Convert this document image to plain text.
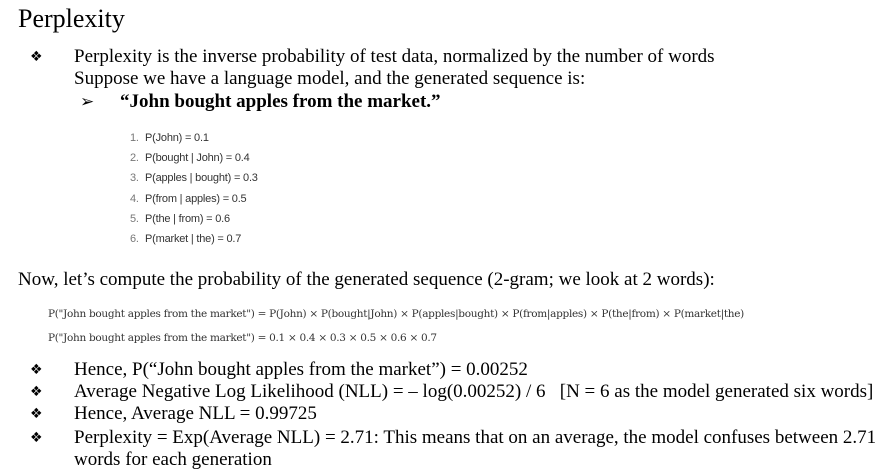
Perplexity
❖ Perplexity is the inverse probability of test data, normalized by the number of words
Suppose we have a language model, and the generated sequence is:
➢ “John bought apples from the market.”
1. P(John) = 0.1
2. P(bought | John) = 0.4
3. P(apples | bought) = 0.3
4. P(from | apples) = 0.5
5. P(the | from) = 0.6
6. P(market | the) = 0.7
Now, let’s compute the probability of the generated sequence (2-gram; we look at 2 words):
P("John bought apples from the market") = P(John) × P(bought|John) × P(apples|bought) × P(from|apples) × P(the|from) × P(market|the)
P("John bought apples from the market") = 0.1 × 0.4 × 0.3 × 0.5 × 0.6 × 0.7
❖ Hence, P(“John bought apples from the market”) = 0.00252
❖ Average Negative Log Likelihood (NLL) = – log(0.00252) / 6   [N = 6 as the model generated six words]
❖ Hence, Average NLL = 0.99725
❖ Perplexity = Exp(Average NLL) = 2.71: This means that on an average, the model confuses between 2.71
words for each generation
